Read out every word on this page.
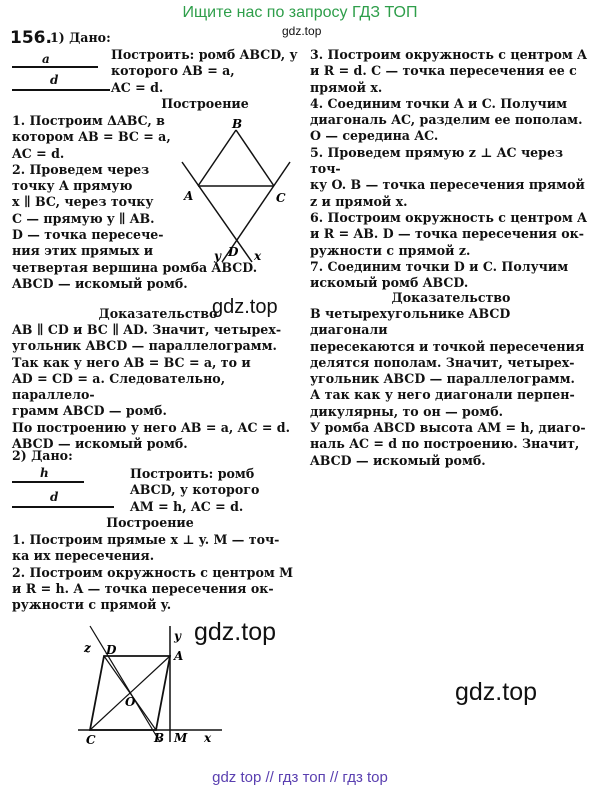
Ищите нас по запросу ГДЗ ТОП
gdz.top
gdz.top
gdz.top
gdz.top
156.
1) Дано:
a
d

Построить: ромб ABCD, у

которого AB = a,

AC = d.

Построение

1. Построим ΔABC, в

котором AB = BC = a,

AC = d.

2. Проведем через

точку A прямую

x ∥ BC, через точку

C — прямую y ∥ AB.

D — точка пересече-

ния этих прямых и

четвертая вершина ромба ABCD.

ABCD — искомый ромб.

B
A	C
D
y	x
Доказательство

AB ∥ CD и BC ∥ AD. Значит, четырех-

угольник ABCD — параллелограмм.

Так как у него AB = BC = a, то и

AD = CD = a. Следовательно, параллело-

грамм ABCD — ромб.

По построению у него AB = a, AC = d.

ABCD — искомый ромб.

2) Дано:
h
d

Построить: ромб

ABCD, у которого

AM = h, AC = d.

Построение

1. Построим прямые x ⊥ y. M — точ-

ка их пересечения.

2. Построим окружность с центром M

и R = h. A — точка пересечения ок-

ружности с прямой y.

y
z D	A
O
C	B M x

3. Построим окружность с центром A

и R = d. C — точка пересечения ее с

прямой x.

4. Соединим точки A и C. Получим

диагональ AC, разделим ее пополам.

O — середина AC.

5. Проведем прямую z ⊥ AC через точ-

ку O. B — точка пересечения прямой

z и прямой x.

6. Построим окружность с центром A

и R = AB. D — точка пересечения ок-

ружности с прямой z.

7. Соединим точки D и C. Получим

искомый ромб ABCD.

Доказательство

В четырехугольнике ABCD диагонали

пересекаются и точкой пересечения

делятся пополам. Значит, четырех-

угольник ABCD — параллелограмм.

А так как у него диагонали перпен-

дикулярны, то он — ромб.

У ромба ABCD высота AM = h, диаго-

наль AC = d по построению. Значит,

ABCD — искомый ромб.

gdz top // гдз топ // гдз top
